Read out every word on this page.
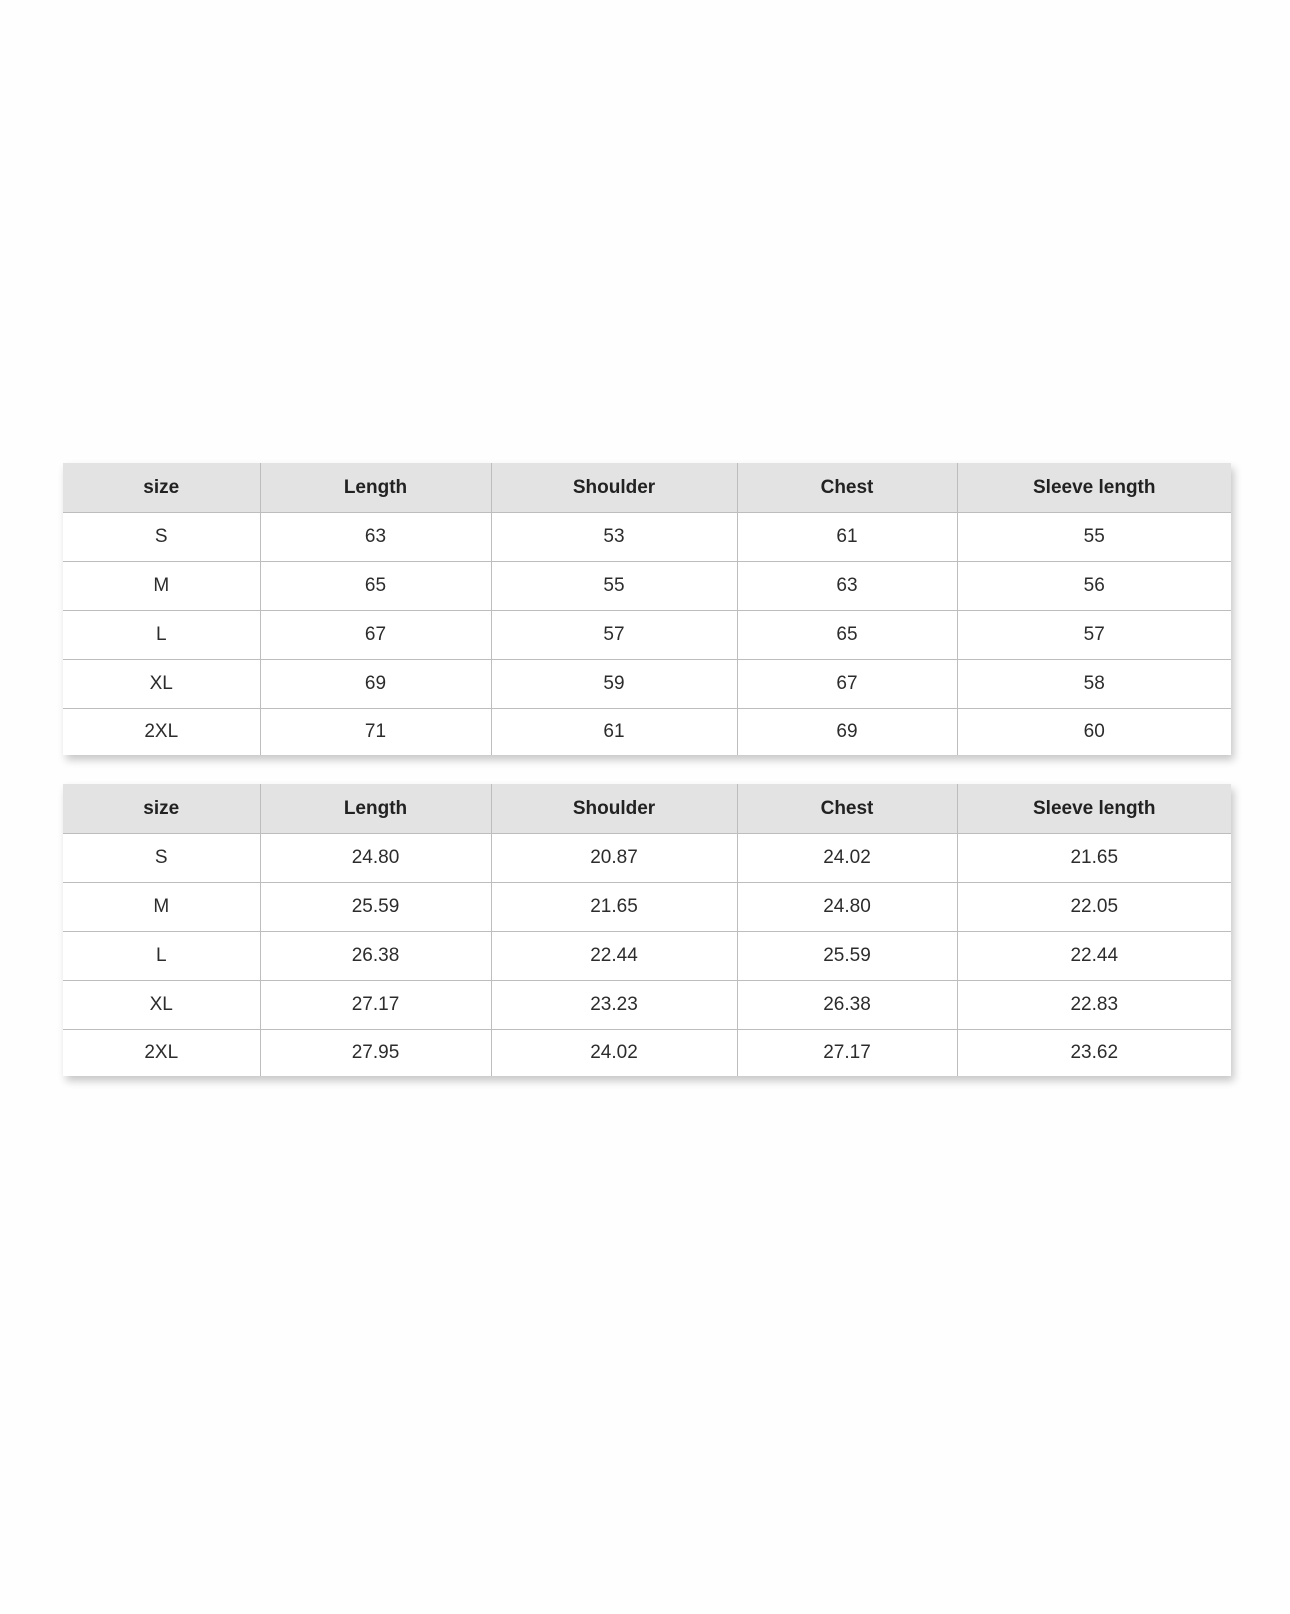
size	Length	Shoulder	Chest	Sleeve length
S	63	53	61	55
M	65	55	63	56
L	67	57	65	57
XL	69	59	67	58
2XL	71	61	69	60
size	Length	Shoulder	Chest	Sleeve length
S	24.80	20.87	24.02	21.65
M	25.59	21.65	24.80	22.05
L	26.38	22.44	25.59	22.44
XL	27.17	23.23	26.38	22.83
2XL	27.95	24.02	27.17	23.62
